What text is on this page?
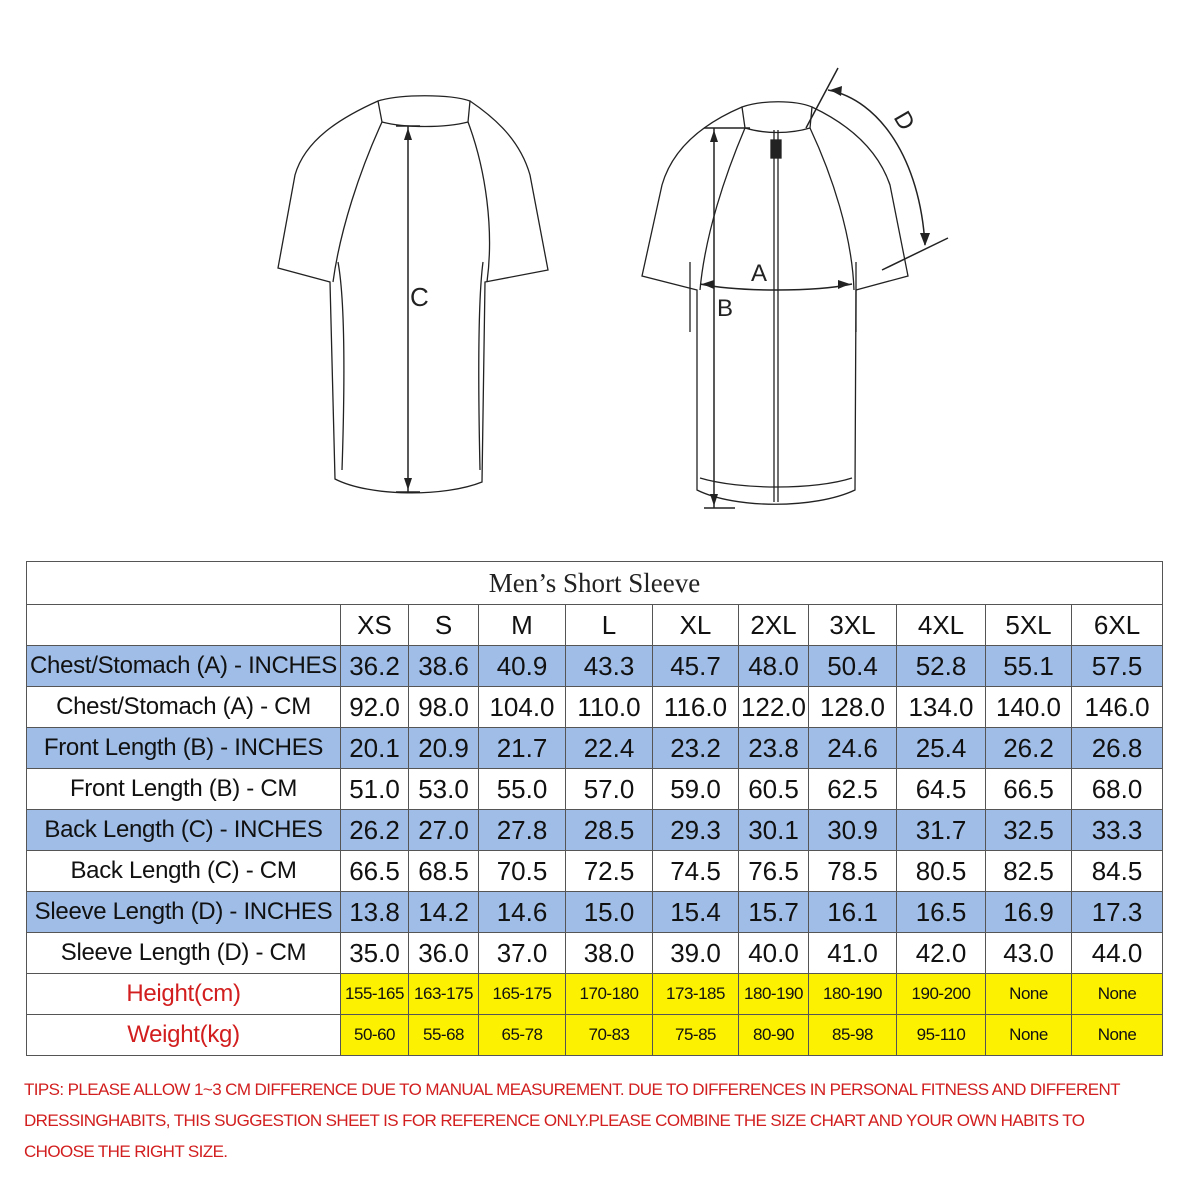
C
A
B
D
Men’s Short Sleeve										
	XS	S	M	L	XL	2XL	3XL	4XL	5XL	6XL
Chest/Stomach (A) - INCHES	36.2	38.6	40.9	43.3	45.7	48.0	50.4	52.8	55.1	57.5
Chest/Stomach (A) - CM	92.0	98.0	104.0	110.0	116.0	122.0	128.0	134.0	140.0	146.0
Front Length (B) - INCHES	20.1	20.9	21.7	22.4	23.2	23.8	24.6	25.4	26.2	26.8
Front Length (B) - CM	51.0	53.0	55.0	57.0	59.0	60.5	62.5	64.5	66.5	68.0
Back Length (C) - INCHES	26.2	27.0	27.8	28.5	29.3	30.1	30.9	31.7	32.5	33.3
Back Length (C) - CM	66.5	68.5	70.5	72.5	74.5	76.5	78.5	80.5	82.5	84.5
Sleeve Length (D) - INCHES	13.8	14.2	14.6	15.0	15.4	15.7	16.1	16.5	16.9	17.3
Sleeve Length (D) - CM	35.0	36.0	37.0	38.0	39.0	40.0	41.0	42.0	43.0	44.0
Height(cm)	155-165	163-175	165-175	170-180	173-185	180-190	180-190	190-200	None	None
Weight(kg)	50-60	55-68	65-78	70-83	75-85	80-90	85-98	95-110	None	None

TIPS: PLEASE ALLOW 1~3 CM DIFFERENCE DUE TO MANUAL MEASUREMENT. DUE TO DIFFERENCES IN PERSONAL FITNESS AND DIFFERENT DRESSINGHABITS, THIS SUGGESTION SHEET IS FOR REFERENCE ONLY.PLEASE COMBINE THE SIZE CHART AND YOUR OWN HABITS TO CHOOSE THE RIGHT SIZE.
